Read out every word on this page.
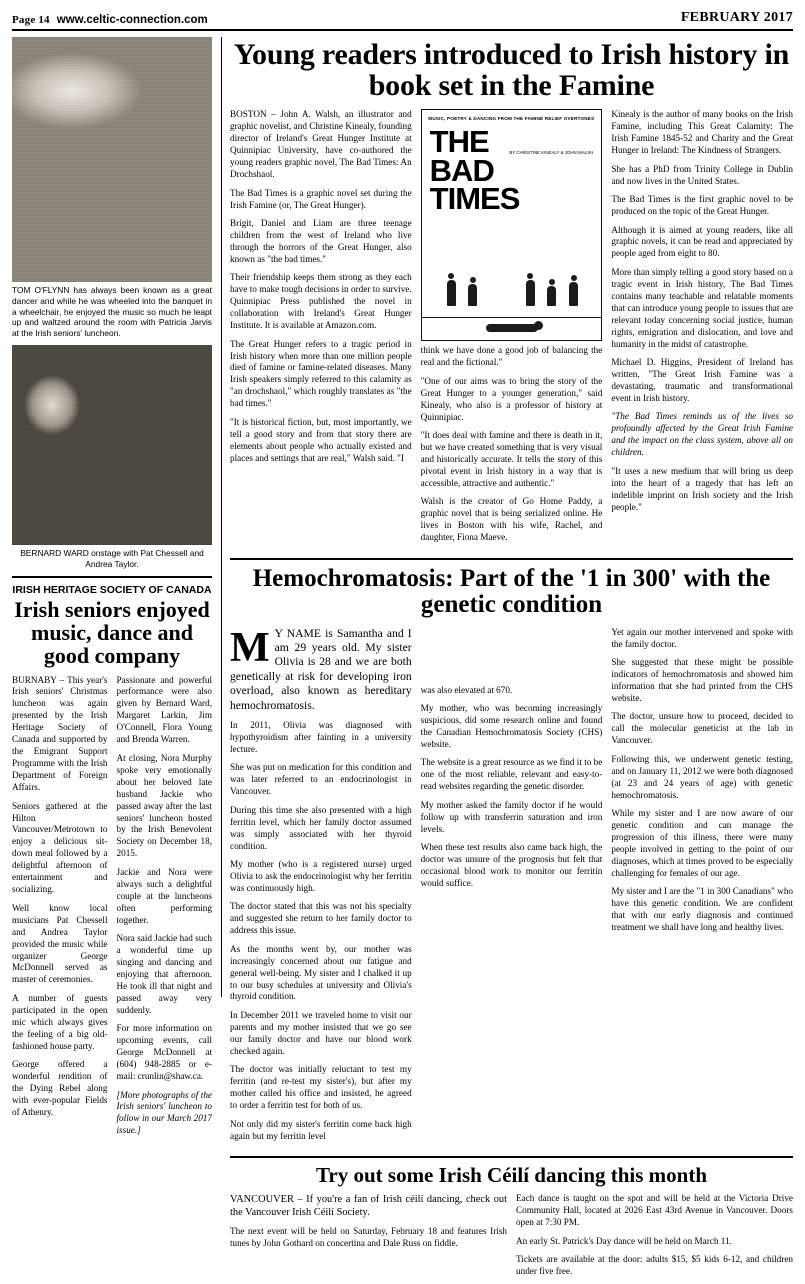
Page 14 www.celtic-connection.com	FEBRUARY 2017
TOM O'FLYNN has always been known as a great dancer and while he was wheeled into the banquet in a wheelchair, he enjoyed the music so much he leapt up and waltzed around the room with Patricia Jarvis at the Irish seniors' luncheon.
BERNARD WARD onstage with Pat Chessell and Andrea Taylor.
IRISH HERITAGE SOCIETY OF CANADA
Irish seniors enjoyed music, dance and good company

BURNABY – This year's Irish seniors' Christmas luncheon was again presented by the Irish Heritage Society of Canada and supported by the Emigrant Support Programme with the Irish Department of Foreign Affairs.

Seniors gathered at the Hilton Vancouver/Metrotown to enjoy a delicious sit-down meal followed by a delightful afternoon of entertainment and socializing.

Well know local musicians Pat Chessell and Andrea Taylor provided the music while organizer George McDonnell served as master of ceremonies.

A number of guests participated in the open mic which always gives the feeling of a big old-fashioned house party.

George offered a wonderful rendition of the Dying Rebel along with ever-popular Fields of Athenry.

Passionate and powerful performance were also given by Bernard Ward, Margaret Larkin, Jim O'Connell, Flora Young and Brenda Warren.

At closing, Nora Murphy spoke very emotionally about her beloved late husband Jackie who passed away after the last seniors' luncheon hosted by the Irish Benevolent Society on December 18, 2015.

Jackie and Nora were always such a delightful couple at the luncheons often performing together.

Nora said Jackie had such a wonderful time up singing and dancing and enjoying that afternoon. He took ill that night and passed away very suddenly.

For more information on upcoming events, call George McDonnell at (604) 948-2885 or e-mail: crunlin@shaw.ca.

[More photographs of the Irish seniors' luncheon to follow in our March 2017 issue.]

Young readers introduced to Irish history in book set in the Famine

BOSTON – John A. Walsh, an illustrator and graphic novelist, and Christine Kinealy, founding director of Ireland's Great Hunger Institute at Quinnipiac University, have co-authored the young readers graphic novel, The Bad Times: An Drochshaol.

The Bad Times is a graphic novel set during the Irish Famine (or, The Great Hunger).

Brigit, Daniel and Liam are three teenage children from the west of Ireland who live through the horrors of the Great Hunger, also known as "the bad times."

Their friendship keeps them strong as they each have to make tough decisions in order to survive. Quinnipiac Press published the novel in collaboration with Ireland's Great Hunger Institute. It is available at Amazon.com.

The Great Hunger refers to a tragic period in Irish history when more than one million people died of famine or famine-related diseases. Many Irish speakers simply referred to this calamity as "an drochshaol," which roughly translates as "the bad times."

"It is historical fiction, but, most importantly, we tell a good story and from that story there are elements about people who actually existed and places and settings that are real," Walsh said. "I

MUSIC, POETRY & DANCING FROM THE FAMINE RELIEF OVERTONES
THE
BAD
TIMES
BY CHRISTINE KINEALY & JOHN WALSH

think we have done a good job of balancing the real and the fictional."

"One of our aims was to bring the story of the Great Hunger to a younger generation," said Kinealy, who also is a professor of history at Quinnipiac.

"It does deal with famine and there is death in it, but we have created something that is very visual and historically accurate. It tells the story of this pivotal event in Irish history in a way that is accessible, attractive and authentic."

Walsh is the creator of Go Home Paddy, a graphic novel that is being serialized online. He lives in Boston with his wife, Rachel, and daughter, Fiona Maeve.

Kinealy is the author of many books on the Irish Famine, including This Great Calamity: The Irish Famine 1845-52 and Charity and the Great Hunger in Ireland: The Kindness of Strangers.

She has a PhD from Trinity College in Dublin and now lives in the United States.

The Bad Times is the first graphic novel to be produced on the topic of the Great Hunger.

Although it is aimed at young readers, like all graphic novels, it can be read and appreciated by people aged from eight to 80.

More than simply telling a good story based on a tragic event in Irish history, The Bad Times contains many teachable and relatable moments that can introduce young people to issues that are relevant today concerning social justice, human rights, emigration and dislocation, and love and humanity in the midst of catastrophe.

Michael D. Higgins, President of Ireland has written, "The Great Irish Famine was a devastating, traumatic and transformational event in Irish history.

"The Bad Times reminds us of the lives so profoundly affected by the Great Irish Famine and the impact on the class system, above all on children.

"It uses a new medium that will bring us deep into the heart of a tragedy that has left an indelible imprint on Irish society and the Irish people."

Hemochromatosis: Part of the '1 in 300' with the genetic condition
M Y NAME is Samantha and I am 29 years old. My sister Olivia is 28 and we are both genetically at risk for developing iron overload, also known as hereditary hemochromatosis.

In 2011, Olivia was diagnosed with hypothyroidism after fainting in a university lecture.

She was put on medication for this condition and was later referred to an endocrinologist in Vancouver.

During this time she also presented with a high ferritin level, which her family doctor assumed was simply associated with her thyroid condition.

My mother (who is a registered nurse) urged Olivia to ask the endocrinologist why her ferritin was continuously high.

The doctor stated that this was not his specialty and suggested she return to her family doctor to address this issue.

As the months went by, our mother was increasingly concerned about our fatigue and general well-being. My sister and I chalked it up to our busy schedules at university and Olivia's thyroid condition.

In December 2011 we traveled home to visit our parents and my mother insisted that we go see our family doctor and have our blood work checked again.

The doctor was initially reluctant to test my ferritin (and re-test my sister's), but after my mother called his office and insisted, he agreed to order a ferritin test for both of us.

Not only did my sister's ferritin come back high again but my ferritin level

was also elevated at 670.

My mother, who was becoming increasingly suspicious, did some research online and found the Canadian Hemochromatosis Society (CHS) website.

The website is a great resource as we find it to be one of the most reliable, relevant and easy-to-read websites regarding the genetic disorder.

My mother asked the family doctor if he would follow up with transferrin saturation and iron levels.

When these test results also came back high, the doctor was unsure of the prognosis but felt that occasional blood work to monitor our ferritin would suffice.

Yet again our mother intervened and spoke with the family doctor.

She suggested that these might be possible indicators of hemochromatosis and showed him information that she had printed from the CHS website.

The doctor, unsure how to proceed, decided to call the molecular geneticist at the lab in Vancouver.

Following this, we underwent genetic testing, and on January 11, 2012 we were both diagnosed (at 23 and 24 years of age) with genetic hemochromatosis.

While my sister and I are now aware of our genetic condition and can manage the progression of this illness, there were many people involved in getting to the point of our diagnoses, which at times proved to be especially challenging for females of our age.

My sister and I are the "1 in 300 Canadians" who have this genetic condition. We are confident that with our early diagnosis and continued treatment we shall have long and healthy lives.

Try out some Irish Céilí dancing this month

VANCOUVER – If you're a fan of Irish céilí dancing, check out the Vancouver Irish Céilí Society.

The next event will be held on Saturday, February 18 and features Irish tunes by John Gothard on concertina and Dale Russ on fiddle.

Each dance is taught on the spot and will be held at the Victoria Drive Community Hall, located at 2026 East 43rd Avenue in Vancouver. Doors open at 7:30 PM.

An early St. Patrick's Day dance will be held on March 11.

Tickets are available at the door: adults $15, $5 kids 6-12, and children under five free.
